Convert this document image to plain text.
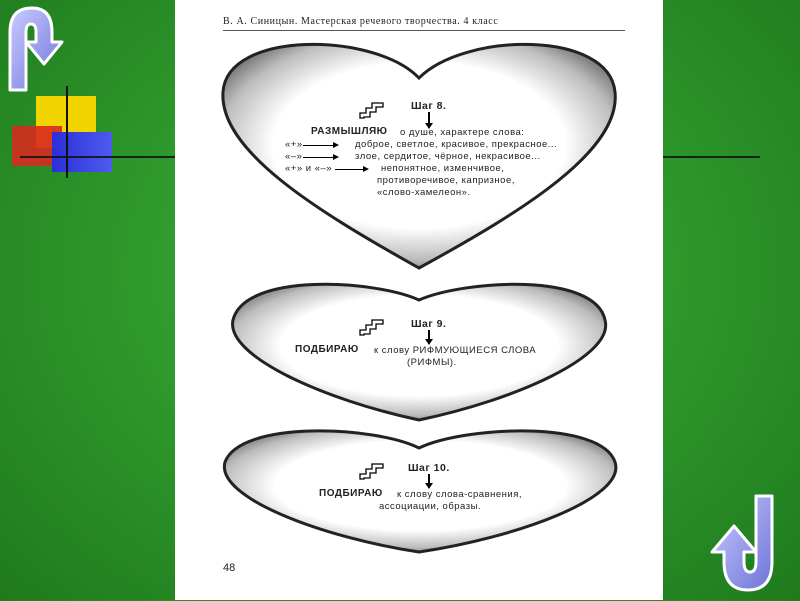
В. А. Синицын. Мастерская речевого творчества. 4 класс
Шаг 8.
РАЗМЫШЛЯЮ о душе, характере слова:
«+»	доброе, светлое, красивое, прекрасное...
«–»	злое, сердитое, чёрное, некрасивое...
«+» и «–»	непонятное, изменчивое,
противоречивое, капризное,
«слово-хамелеон».
Шаг 9.
ПОДБИРАЮ к слову РИФМУЮЩИЕСЯ СЛОВА
(РИФМЫ).
Шаг 10.
ПОДБИРАЮ к слову слова-сравнения,
ассоциации, образы.
48
